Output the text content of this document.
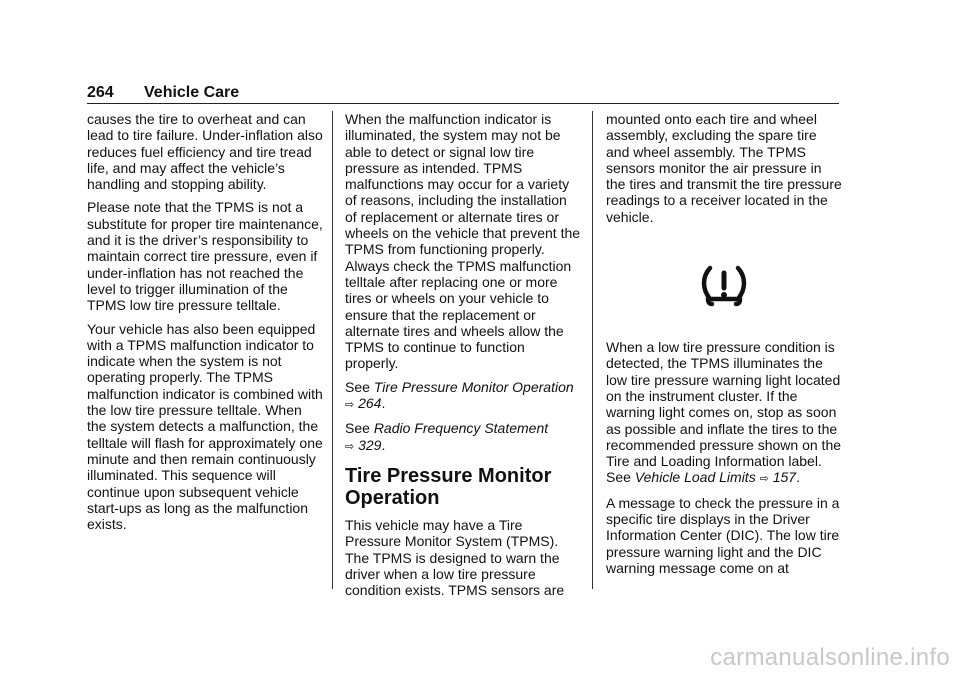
264 Vehicle Care

causes the tire to overheat and can lead to tire failure. Under-inflation also reduces fuel efficiency and tire tread life, and may affect the vehicle’s handling and stopping ability.

Please note that the TPMS is not a substitute for proper tire maintenance, and it is the driver’s responsibility to maintain correct tire pressure, even if under-inflation has not reached the level to trigger illumination of the TPMS low tire pressure telltale.

Your vehicle has also been equipped with a TPMS malfunction indicator to indicate when the system is not operating properly. The TPMS malfunction indicator is combined with the low tire pressure telltale. When the system detects a malfunction, the telltale will flash for approximately one minute and then remain continuously illuminated. This sequence will continue upon subsequent vehicle start-ups as long as the malfunction exists.

When the malfunction indicator is illuminated, the system may not be able to detect or signal low tire pressure as intended. TPMS malfunctions may occur for a variety of reasons, including the installation of replacement or alternate tires or wheels on the vehicle that prevent the TPMS from functioning properly. Always check the TPMS malfunction telltale after replacing one or more tires or wheels on your vehicle to ensure that the replacement or alternate tires and wheels allow the TPMS to continue to function properly.

See Tire Pressure Monitor Operation ⇨ 264.

See Radio Frequency Statement
⇨ 329.

Tire Pressure Monitor Operation

This vehicle may have a Tire Pressure Monitor System (TPMS). The TPMS is designed to warn the driver when a low tire pressure condition exists. TPMS sensors are

mounted onto each tire and wheel assembly, excluding the spare tire and wheel assembly. The TPMS sensors monitor the air pressure in the tires and transmit the tire pressure readings to a receiver located in the vehicle.

When a low tire pressure condition is detected, the TPMS illuminates the low tire pressure warning light located on the instrument cluster. If the warning light comes on, stop as soon as possible and inflate the tires to the recommended pressure shown on the Tire and Loading Information label. See Vehicle Load Limits ⇨ 157.

A message to check the pressure in a specific tire displays in the Driver Information Center (DIC). The low tire pressure warning light and the DIC warning message come on at

carmanualsonline.info
